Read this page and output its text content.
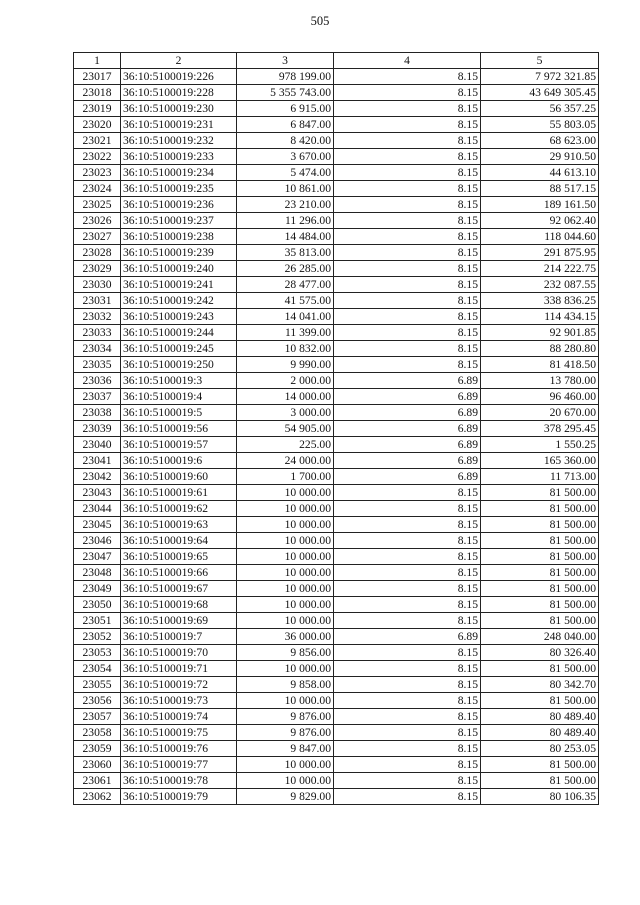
505
1	2	3	4	5
23017	36:10:5100019:226	978 199.00	8.15	7 972 321.85
23018	36:10:5100019:228	5 355 743.00	8.15	43 649 305.45
23019	36:10:5100019:230	6 915.00	8.15	56 357.25
23020	36:10:5100019:231	6 847.00	8.15	55 803.05
23021	36:10:5100019:232	8 420.00	8.15	68 623.00
23022	36:10:5100019:233	3 670.00	8.15	29 910.50
23023	36:10:5100019:234	5 474.00	8.15	44 613.10
23024	36:10:5100019:235	10 861.00	8.15	88 517.15
23025	36:10:5100019:236	23 210.00	8.15	189 161.50
23026	36:10:5100019:237	11 296.00	8.15	92 062.40
23027	36:10:5100019:238	14 484.00	8.15	118 044.60
23028	36:10:5100019:239	35 813.00	8.15	291 875.95
23029	36:10:5100019:240	26 285.00	8.15	214 222.75
23030	36:10:5100019:241	28 477.00	8.15	232 087.55
23031	36:10:5100019:242	41 575.00	8.15	338 836.25
23032	36:10:5100019:243	14 041.00	8.15	114 434.15
23033	36:10:5100019:244	11 399.00	8.15	92 901.85
23034	36:10:5100019:245	10 832.00	8.15	88 280.80
23035	36:10:5100019:250	9 990.00	8.15	81 418.50
23036	36:10:5100019:3	2 000.00	6.89	13 780.00
23037	36:10:5100019:4	14 000.00	6.89	96 460.00
23038	36:10:5100019:5	3 000.00	6.89	20 670.00
23039	36:10:5100019:56	54 905.00	6.89	378 295.45
23040	36:10:5100019:57	225.00	6.89	1 550.25
23041	36:10:5100019:6	24 000.00	6.89	165 360.00
23042	36:10:5100019:60	1 700.00	6.89	11 713.00
23043	36:10:5100019:61	10 000.00	8.15	81 500.00
23044	36:10:5100019:62	10 000.00	8.15	81 500.00
23045	36:10:5100019:63	10 000.00	8.15	81 500.00
23046	36:10:5100019:64	10 000.00	8.15	81 500.00
23047	36:10:5100019:65	10 000.00	8.15	81 500.00
23048	36:10:5100019:66	10 000.00	8.15	81 500.00
23049	36:10:5100019:67	10 000.00	8.15	81 500.00
23050	36:10:5100019:68	10 000.00	8.15	81 500.00
23051	36:10:5100019:69	10 000.00	8.15	81 500.00
23052	36:10:5100019:7	36 000.00	6.89	248 040.00
23053	36:10:5100019:70	9 856.00	8.15	80 326.40
23054	36:10:5100019:71	10 000.00	8.15	81 500.00
23055	36:10:5100019:72	9 858.00	8.15	80 342.70
23056	36:10:5100019:73	10 000.00	8.15	81 500.00
23057	36:10:5100019:74	9 876.00	8.15	80 489.40
23058	36:10:5100019:75	9 876.00	8.15	80 489.40
23059	36:10:5100019:76	9 847.00	8.15	80 253.05
23060	36:10:5100019:77	10 000.00	8.15	81 500.00
23061	36:10:5100019:78	10 000.00	8.15	81 500.00
23062	36:10:5100019:79	9 829.00	8.15	80 106.35
